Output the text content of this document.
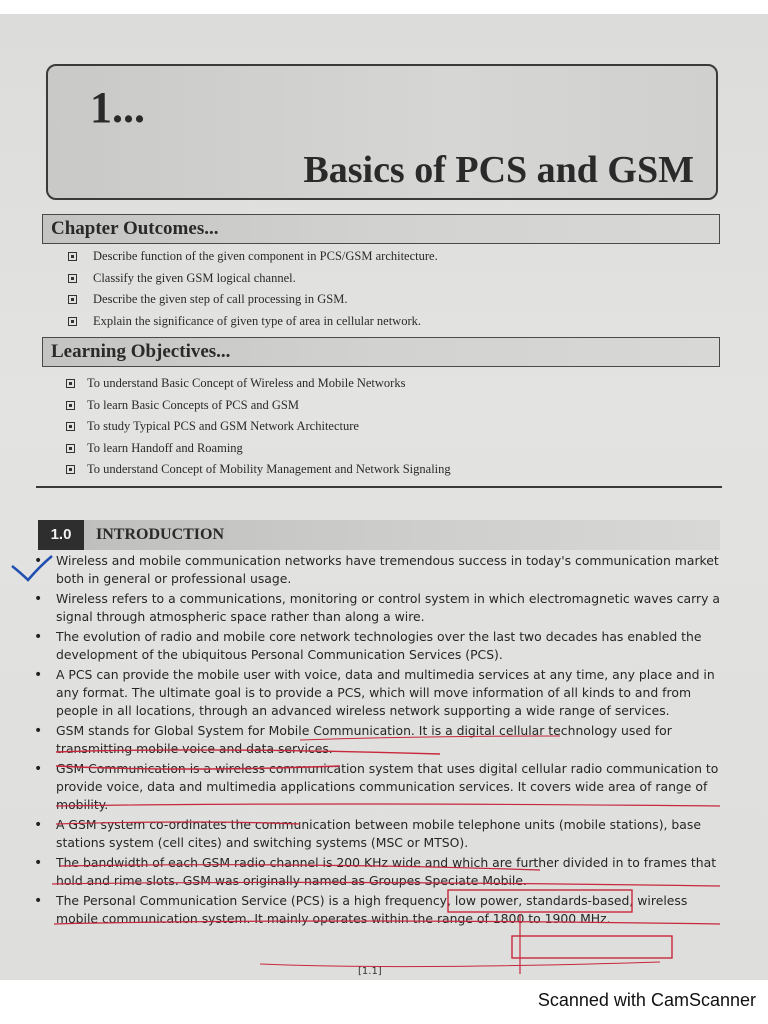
1...
Basics of PCS and GSM
Chapter Outcomes...
Describe function of the given component in PCS/GSM architecture.
Classify the given GSM logical channel.
Describe the given step of call processing in GSM.
Explain the significance of given type of area in cellular network.
Learning Objectives...
To understand Basic Concept of Wireless and Mobile Networks
To learn Basic Concepts of PCS and GSM
To study Typical PCS and GSM Network Architecture
To learn Handoff and Roaming
To understand Concept of Mobility Management and Network Signaling
1.0	INTRODUCTION
• Wireless and mobile communication networks have tremendous success in today's communication market both in general or professional usage.
• Wireless refers to a communications, monitoring or control system in which electromagnetic waves carry a signal through atmospheric space rather than along a wire.
• The evolution of radio and mobile core network technologies over the last two decades has enabled the development of the ubiquitous Personal Communication Services (PCS).
• A PCS can provide the mobile user with voice, data and multimedia services at any time, any place and in any format. The ultimate goal is to provide a PCS, which will move information of all kinds to and from people in all locations, through an advanced wireless network supporting a wide range of services.
• GSM stands for Global System for Mobile Communication. It is a digital cellular technology used for transmitting mobile voice and data services.
• GSM Communication is a wireless communication system that uses digital cellular radio communication to provide voice, data and multimedia applications communication services. It covers wide area of range of mobility.
• A GSM system co-ordinates the communication between mobile telephone units (mobile stations), base stations system (cell cites) and switching systems (MSC or MTSO).
• The bandwidth of each GSM radio channel is 200 KHz wide and which are further divided in to frames that hold and rime slots. GSM was originally named as Groupes Speciate Mobile.
• The Personal Communication Service (PCS) is a high frequency, low power, standards-based, wireless mobile communication system. It mainly operates within the range of 1800 to 1900 MHz.
[1.1]
Scanned with CamScanner
